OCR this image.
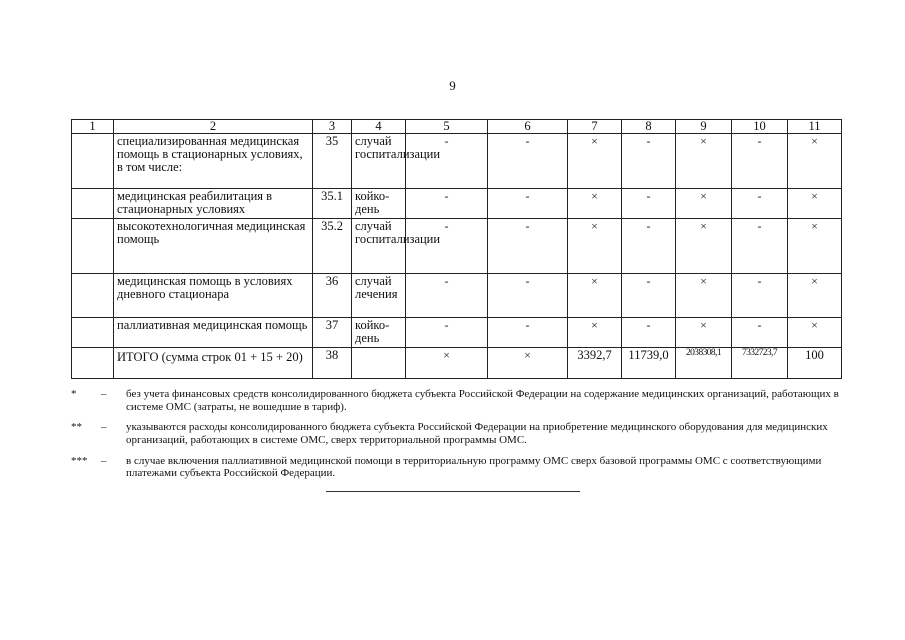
9
1	2	3	4	5	6	7	8	9	10	11
	специализированная медицинская помощь в стационарных условиях, в том числе:	35	случай госпитализации	-	-	×	-	×	-	×
	медицинская реабилитация в стационарных условиях	35.1	койко-день	-	-	×	-	×	-	×
	высокотехнологичная медицинская помощь	35.2	случай госпитализации	-	-	×	-	×	-	×
	медицинская помощь в условиях дневного стационара	36	случай лечения	-	-	×	-	×	-	×
	паллиативная медицинская помощь	37	койко-день	-	-	×	-	×	-	×
	ИТОГО (сумма строк 01 + 15 + 20)	38		×	×	3392,7	11739,0	2038308,1	7332723,7	100
*	–	без учета финансовых средств консолидированного бюджета субъекта Российской Федерации на содержание медицинских организаций, работающих в системе ОМС (затраты, не вошедшие в тариф).
**	–	указываются расходы консолидированного бюджета субъекта Российской Федерации на приобретение медицинского оборудования для медицинских организаций, работающих в системе ОМС, сверх территориальной программы ОМС.
***	–	в случае включения паллиативной медицинской помощи в территориальную программу ОМС сверх базовой программы ОМС с соответствующими платежами субъекта Российской Федерации.
